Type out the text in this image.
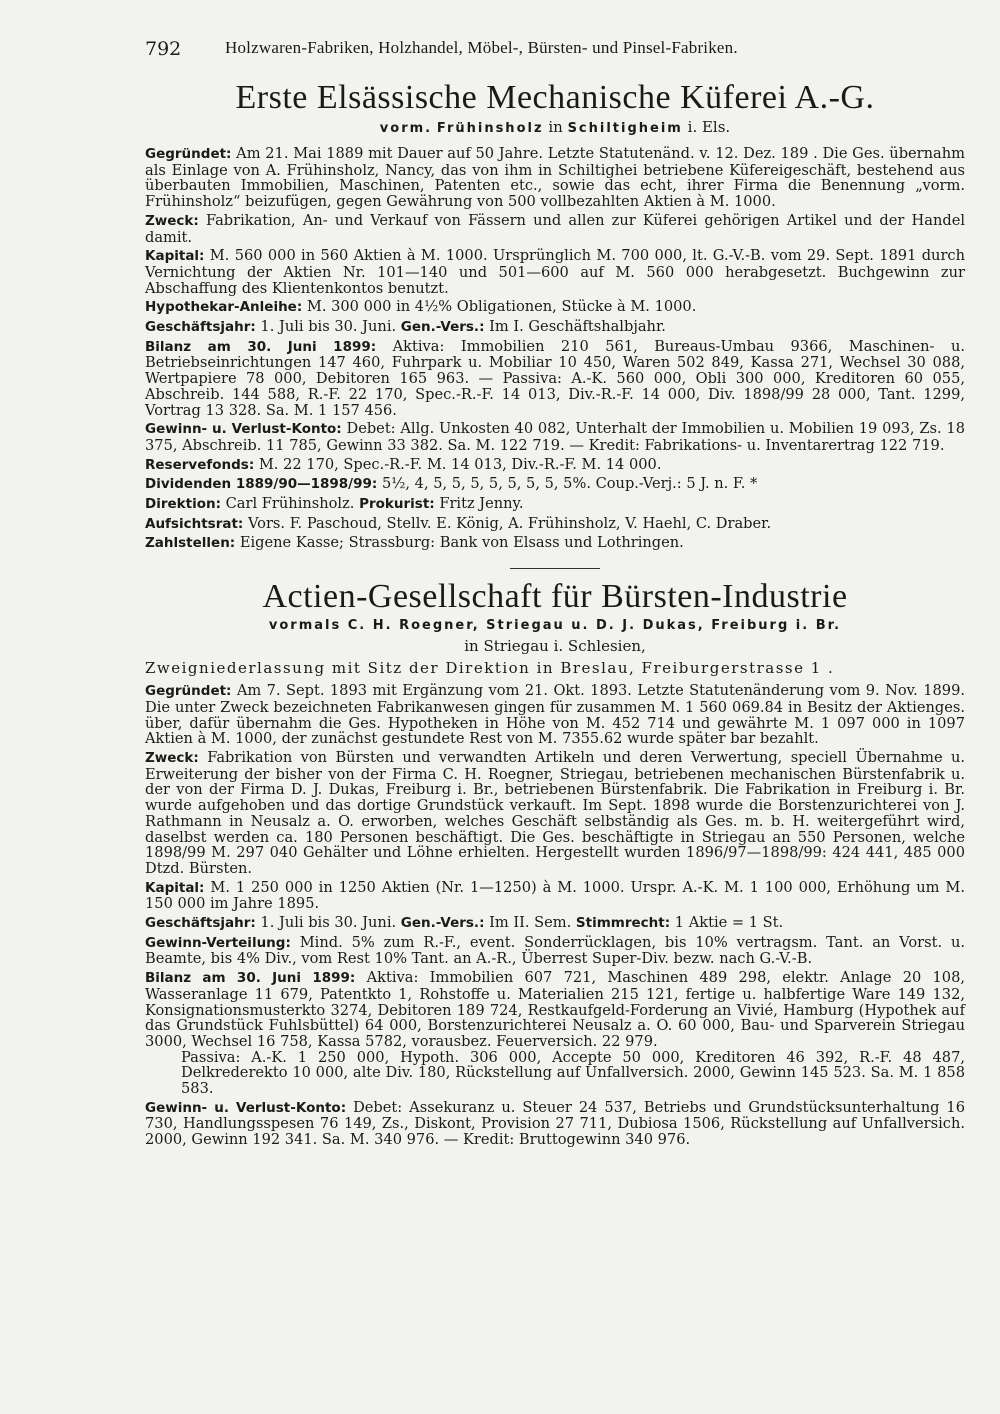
792	Holzwaren-Fabriken, Holzhandel, Möbel-, Bürsten- und Pinsel-Fabriken.
Erste Elsässische Mechanische Küferei A.-G.
vorm. Frühinsholz in Schiltigheim i. Els.
Gegründet: Am 21. Mai 1889 mit Dauer auf 50 Jahre. Letzte Statutenänd. v. 12. Dez. 189 . Die Ges. übernahm als Einlage von A. Frühinsholz, Nancy, das von ihm in Schiltighei betriebene Küfereigeschäft, bestehend aus überbauten Immobilien, Maschinen, Patenten etc., sowie das echt, ihrer Firma die Benennung „vorm. Frühinsholz“ beizufügen, gegen Gewährung von 500 vollbezahlten Aktien à M. 1000.
Zweck: Fabrikation, An- und Verkauf von Fässern und allen zur Küferei gehörigen Artikel und der Handel damit.
Kapital: M. 560 000 in 560 Aktien à M. 1000. Ursprünglich M. 700 000, lt. G.-V.-B. vom 29. Sept. 1891 durch Vernichtung der Aktien Nr. 101—140 und 501—600 auf M. 560 000 herabgesetzt. Buchgewinn zur Abschaffung des Klientenkontos benutzt.
Hypothekar-Anleihe: M. 300 000 in 4½% Obligationen, Stücke à M. 1000.
Geschäftsjahr: 1. Juli bis 30. Juni. Gen.-Vers.: Im I. Geschäftshalbjahr.
Bilanz am 30. Juni 1899: Aktiva: Immobilien 210 561, Bureaus-Umbau 9366, Maschinen- u. Betriebseinrichtungen 147 460, Fuhrpark u. Mobiliar 10 450, Waren 502 849, Kassa 271, Wechsel 30 088, Wertpapiere 78 000, Debitoren 165 963. — Passiva: A.-K. 560 000, Obli 300 000, Kreditoren 60 055, Abschreib. 144 588, R.-F. 22 170, Spec.-R.-F. 14 013, Div.-R.-F. 14 000, Div. 1898/99 28 000, Tant. 1299, Vortrag 13 328. Sa. M. 1 157 456.
Gewinn- u. Verlust-Konto: Debet: Allg. Unkosten 40 082, Unterhalt der Immobilien u. Mobilien 19 093, Zs. 18 375, Abschreib. 11 785, Gewinn 33 382. Sa. M. 122 719. — Kredit: Fabrikations- u. Inventarertrag 122 719.
Reservefonds: M. 22 170, Spec.-R.-F. M. 14 013, Div.-R.-F. M. 14 000.
Dividenden 1889/90—1898/99: 5½, 4, 5, 5, 5, 5, 5, 5, 5, 5%. Coup.-Verj.: 5 J. n. F. *
Direktion: Carl Frühinsholz. Prokurist: Fritz Jenny.
Aufsichtsrat: Vors. F. Paschoud, Stellv. E. König, A. Frühinsholz, V. Haehl, C. Draber.
Zahlstellen: Eigene Kasse; Strassburg: Bank von Elsass und Lothringen.
Actien-Gesellschaft für Bürsten-Industrie
vormals C. H. Roegner, Striegau u. D. J. Dukas, Freiburg i. Br.
in Striegau i. Schlesien,
Zweigniederlassung mit Sitz der Direktion in Breslau, Freiburgerstrasse 1 .
Gegründet: Am 7. Sept. 1893 mit Ergänzung vom 21. Okt. 1893. Letzte Statutenänderung vom 9. Nov. 1899. Die unter Zweck bezeichneten Fabrikanwesen gingen für zusammen M. 1 560 069.84 in Besitz der Aktienges. über, dafür übernahm die Ges. Hypotheken in Höhe von M. 452 714 und gewährte M. 1 097 000 in 1097 Aktien à M. 1000, der zunächst gestundete Rest von M. 7355.62 wurde später bar bezahlt.
Zweck: Fabrikation von Bürsten und verwandten Artikeln und deren Verwertung, speciell Übernahme u. Erweiterung der bisher von der Firma C. H. Roegner, Striegau, betriebenen mechanischen Bürstenfabrik u. der von der Firma D. J. Dukas, Freiburg i. Br., betriebenen Bürstenfabrik. Die Fabrikation in Freiburg i. Br. wurde aufgehoben und das dortige Grundstück verkauft. Im Sept. 1898 wurde die Borstenzurichterei von J. Rathmann in Neusalz a. O. erworben, welches Geschäft selbständig als Ges. m. b. H. weitergeführt wird, daselbst werden ca. 180 Personen beschäftigt. Die Ges. beschäftigte in Striegau an 550 Personen, welche 1898/99 M. 297 040 Gehälter und Löhne erhielten. Hergestellt wurden 1896/97—1898/99: 424 441, 485 000 Dtzd. Bürsten.
Kapital: M. 1 250 000 in 1250 Aktien (Nr. 1—1250) à M. 1000. Urspr. A.-K. M. 1 100 000, Erhöhung um M. 150 000 im Jahre 1895.
Geschäftsjahr: 1. Juli bis 30. Juni. Gen.-Vers.: Im II. Sem. Stimmrecht: 1 Aktie = 1 St.
Gewinn-Verteilung: Mind. 5% zum R.-F., event. Sonderrücklagen, bis 10% vertragsm. Tant. an Vorst. u. Beamte, bis 4% Div., vom Rest 10% Tant. an A.-R., Überrest Super-Div. bezw. nach G.-V.-B.
Bilanz am 30. Juni 1899: Aktiva: Immobilien 607 721, Maschinen 489 298, elektr. Anlage 20 108, Wasseranlage 11 679, Patentkto 1, Rohstoffe u. Materialien 215 121, fertige u. halbfertige Ware 149 132, Konsignationsmusterkto 3274, Debitoren 189 724, Restkaufgeld-Forderung an Vivié, Hamburg (Hypothek auf das Grundstück Fuhlsbüttel) 64 000, Borstenzurichterei Neusalz a. O. 60 000, Bau- und Sparverein Striegau 3000, Wechsel 16 758, Kassa 5782, vorausbez. Feuerversich. 22 979.
Passiva: A.-K. 1 250 000, Hypoth. 306 000, Accepte 50 000, Kreditoren 46 392, R.-F. 48 487, Delkrederekto 10 000, alte Div. 180, Rückstellung auf Unfallversich. 2000, Gewinn 145 523. Sa. M. 1 858 583.
Gewinn- u. Verlust-Konto: Debet: Assekuranz u. Steuer 24 537, Betriebs und Grundstücksunterhaltung 16 730, Handlungsspesen 76 149, Zs., Diskont, Provision 27 711, Dubiosa 1506, Rückstellung auf Unfallversich. 2000, Gewinn 192 341. Sa. M. 340 976. — Kredit: Bruttogewinn 340 976.
